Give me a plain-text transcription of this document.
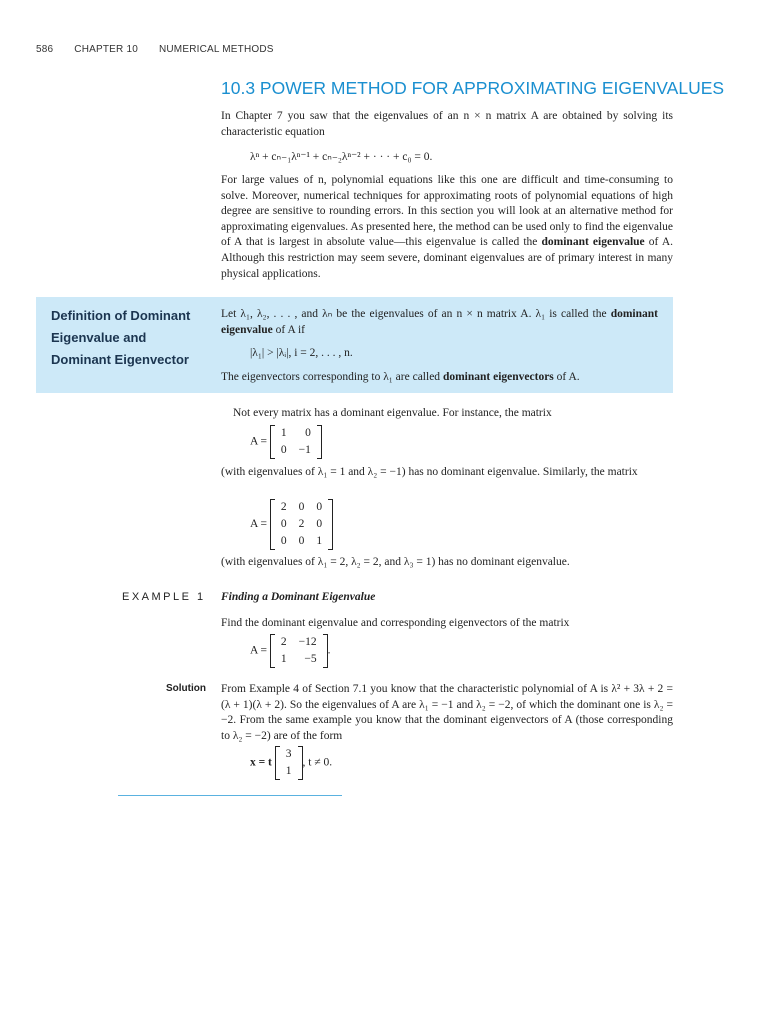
586 CHAPTER 10 NUMERICAL METHODS
10.3 POWER METHOD FOR APPROXIMATING EIGENVALUES

In Chapter 7 you saw that the eigenvalues of an n × n matrix A are obtained by solving its characteristic equation

λⁿ + cₙ₋₁λⁿ⁻¹ + cₙ₋₂λⁿ⁻² + · · · + c₀ = 0.

For large values of n, polynomial equations like this one are difficult and time-consuming to solve. Moreover, numerical techniques for approximating roots of polynomial equations of high degree are sensitive to rounding errors. In this section you will look at an alternative method for approximating eigenvalues. As presented here, the method can be used only to find the eigenvalue of A that is largest in absolute value—this eigenvalue is called the dominant eigenvalue of A. Although this restriction may seem severe, dominant eigenvalues are of primary interest in many physical applications.

Definition of Dominant Eigenvalue and Dominant Eigenvector

Let λ₁, λ₂, . . . , and λₙ be the eigenvalues of an n × n matrix A. λ₁ is called the dominant eigenvalue of A if

|λ₁| > |λᵢ|, i = 2, . . . , n.

The eigenvectors corresponding to λ₁ are called dominant eigenvectors of A.

Not every matrix has a dominant eigenvalue. For instance, the matrix

A =
1	0
0	−1

(with eigenvalues of λ₁ = 1 and λ₂ = −1) has no dominant eigenvalue. Similarly, the matrix

A =
2	0	0
0	2	0
0	0	1

(with eigenvalues of λ₁ = 2, λ₂ = 2, and λ₃ = 1) has no dominant eigenvalue.

EXAMPLE 1 Finding a Dominant Eigenvalue

Find the dominant eigenvalue and corresponding eigenvectors of the matrix

A =
2	−12
1	−5
.
Solution From Example 4 of Section 7.1 you know that the characteristic polynomial of A is λ² + 3λ + 2 = (λ + 1)(λ + 2). So the eigenvalues of A are λ₁ = −1 and λ₂ = −2, of which the dominant one is λ₂ = −2. From the same example you know that the dominant eigenvectors of A (those corresponding to λ₂ = −2) are of the form

x = t
3
1
, t ≠ 0.
